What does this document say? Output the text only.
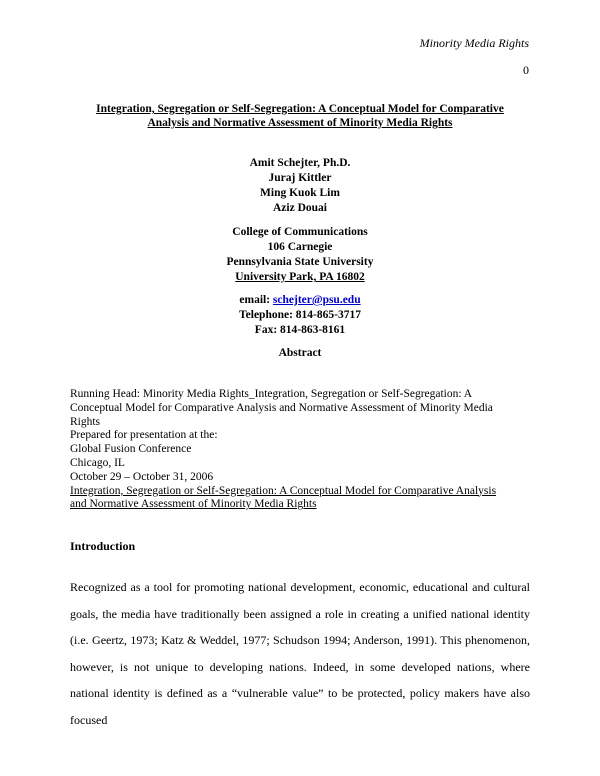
Minority Media Rights
0
Integration, Segregation or Self-Segregation: A Conceptual Model for Comparative
Analysis and Normative Assessment of Minority Media Rights
Amit Schejter, Ph.D.
Juraj Kittler
Ming Kuok Lim
Aziz Douai
College of Communications
106 Carnegie
Pennsylvania State University
University Park, PA 16802
email: schejter@psu.edu
Telephone: 814-865-3717
Fax: 814-863-8161
Abstract
Running Head: Minority Media Rights_Integration, Segregation or Self-Segregation: A
Conceptual Model for Comparative Analysis and Normative Assessment of Minority Media
Rights
Prepared for presentation at the:
Global Fusion Conference
Chicago, IL
October 29 – October 31, 2006
Integration, Segregation or Self-Segregation: A Conceptual Model for Comparative Analysis
and Normative Assessment of Minority Media Rights
Introduction
Recognized as a tool for promoting national development, economic, educational and cultural goals, the media have traditionally been assigned a role in creating a unified national identity (i.e. Geertz, 1973; Katz & Weddel, 1977; Schudson 1994; Anderson, 1991). This phenomenon, however, is not unique to developing nations. Indeed, in some developed nations, where national identity is defined as a “vulnerable value” to be protected, policy makers have also focused
